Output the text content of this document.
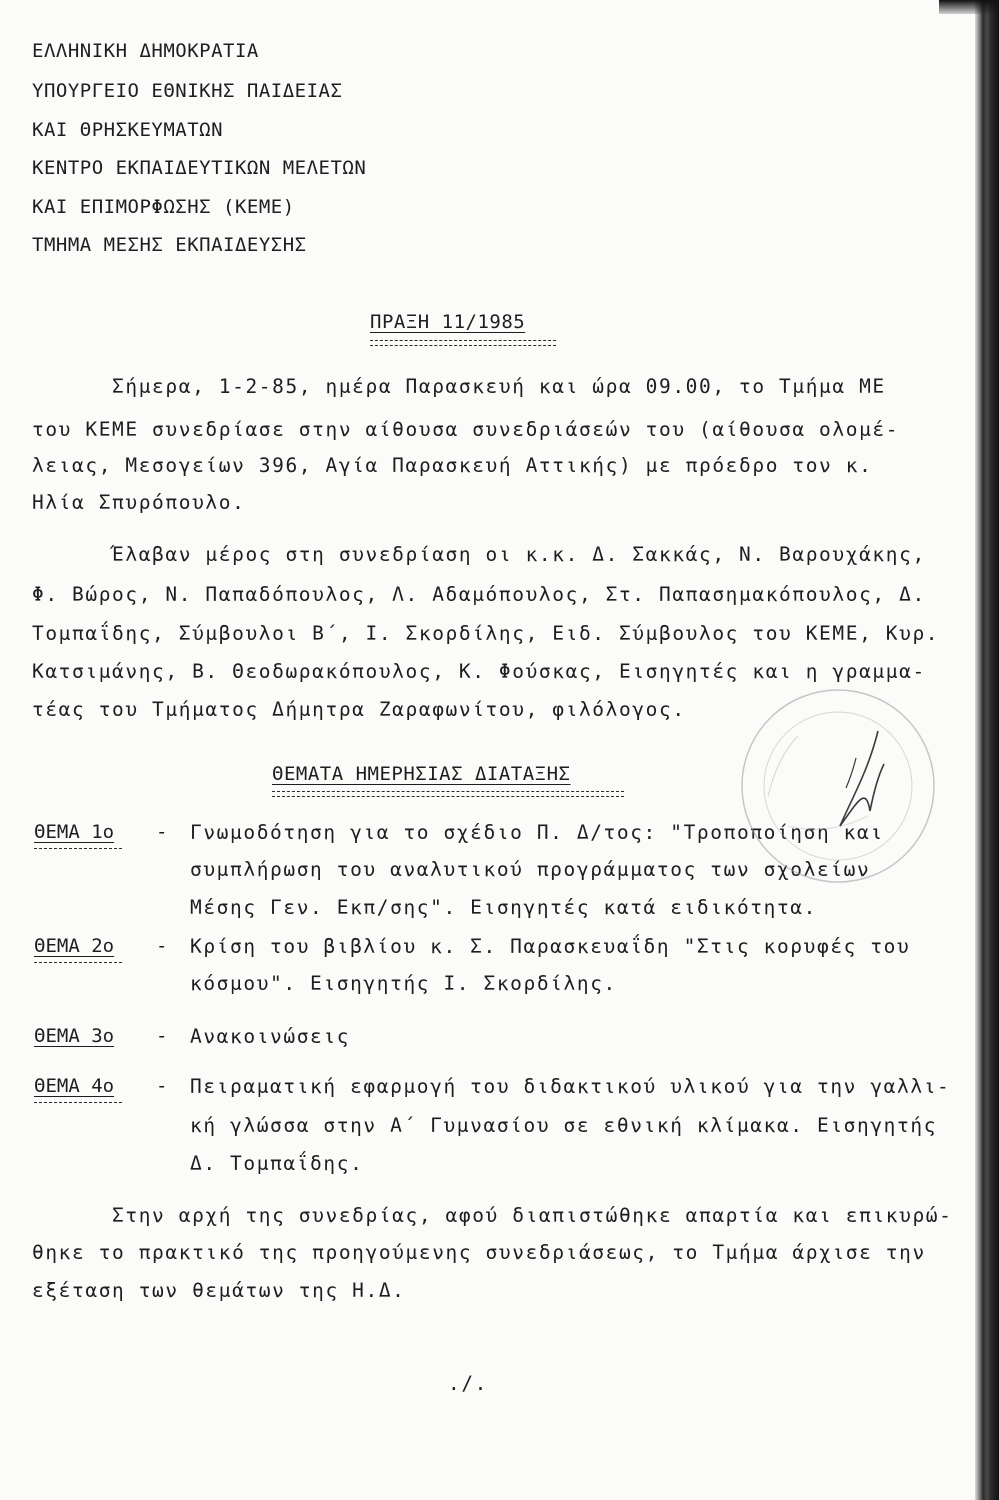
ΕΛΛΗΝΙΚΗ ΔΗΜΟΚΡΑΤΙΑ
ΥΠΟΥΡΓΕΙΟ ΕΘΝΙΚΗΣ ΠΑΙΔΕΙΑΣ
ΚΑΙ ΘΡΗΣΚΕΥΜΑΤΩΝ
ΚΕΝΤΡΟ ΕΚΠΑΙΔΕΥΤΙΚΩΝ ΜΕΛΕΤΩΝ
ΚΑΙ ΕΠΙΜΟΡΦΩΣΗΣ (ΚΕΜΕ)
ΤΜΗΜΑ ΜΕΣΗΣ ΕΚΠΑΙΔΕΥΣΗΣ
ΠΡΑΞΗ 11/1985
Σήμερα, 1-2-85, ημέρα Παρασκευή και ώρα 09.00, το Τμήμα ΜΕ
του ΚΕΜΕ συνεδρίασε στην αίθουσα συνεδριάσεών του (αίθουσα ολομέ-
λειας, Μεσογείων 396, Αγία Παρασκευή Αττικής) με πρόεδρο τον κ.
Ηλία Σπυρόπουλο.
Έλαβαν μέρος στη συνεδρίαση οι κ.κ. Δ. Σακκάς, Ν. Βαρουχάκης,
Φ. Βώρος, Ν. Παπαδόπουλος, Λ. Αδαμόπουλος, Στ. Παπασημακόπουλος, Δ.
Τομπαΐδης, Σύμβουλοι Β΄, Ι. Σκορδίλης, Ειδ. Σύμβουλος του ΚΕΜΕ, Κυρ.
Κατσιμάνης, Β. Θεοδωρακόπουλος, Κ. Φούσκας, Εισηγητές και η γραμμα-
τέας του Τμήματος Δήμητρα Ζαραφωνίτου, φιλόλογος.
ΘΕΜΑΤΑ ΗΜΕΡΗΣΙΑΣ ΔΙΑΤΑΞΗΣ
ΘΕΜΑ 1ο - Γνωμοδότηση για το σχέδιο Π. Δ/τος: "Τροποποίηση και
συμπλήρωση του αναλυτικού προγράμματος των σχολείων
Μέσης Γεν. Εκπ/σης". Εισηγητές κατά ειδικότητα.
ΘΕΜΑ 2ο - Κρίση του βιβλίου κ. Σ. Παρασκευαΐδη "Στις κορυφές του
κόσμου". Εισηγητής Ι. Σκορδίλης.
ΘΕΜΑ 3ο - Ανακοινώσεις
ΘΕΜΑ 4ο - Πειραματική εφαρμογή του διδακτικού υλικού για την γαλλι-
κή γλώσσα στην Α΄ Γυμνασίου σε εθνική κλίμακα. Εισηγητής
Δ. Τομπαΐδης.
Στην αρχή της συνεδρίας, αφού διαπιστώθηκε απαρτία και επικυρώ-
θηκε το πρακτικό της προηγούμενης συνεδριάσεως, το Τμήμα άρχισε την
εξέταση των θεμάτων της Η.Δ.
./.
